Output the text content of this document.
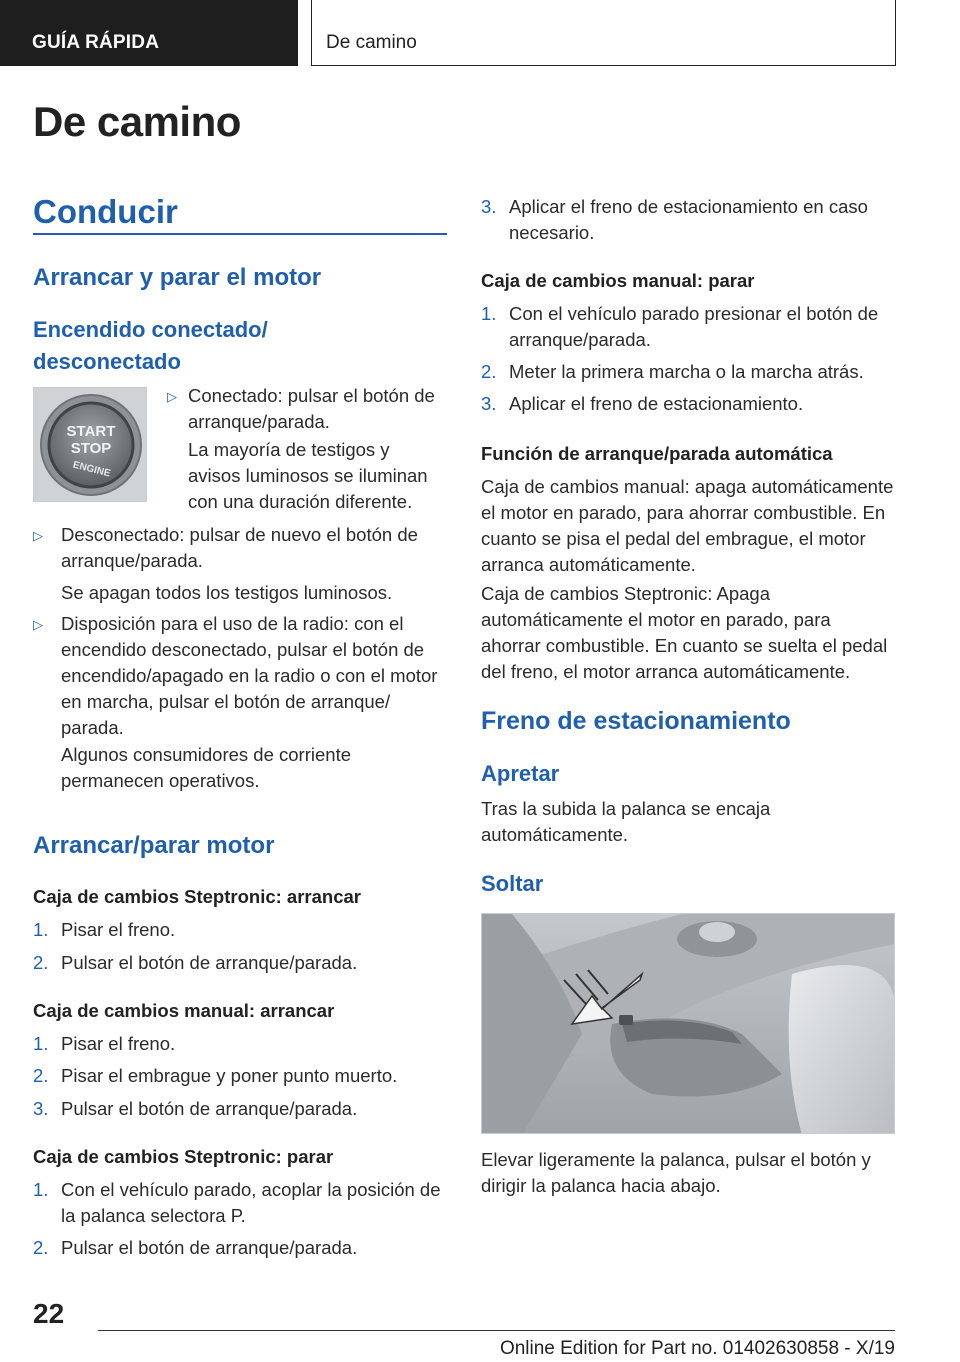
GUÍA RÁPIDA	De camino
De camino
Conducir
Arrancar y parar el motor
Encendido conectado/ desconectado
START
STOP
ENGINE
▷ Conectado: pulsar el botón de arranque/parada.
La mayoría de testigos y avisos luminosos se iluminan con una duración diferente.
▷ Desconectado: pulsar de nuevo el botón de arranque/parada.
Se apagan todos los testigos luminosos.
▷ Disposición para el uso de la radio: con el encendido desconectado, pulsar el botón de encendido/apagado en la radio o con el motor en marcha, pulsar el botón de arranque/ parada.
Algunos consumidores de corriente permanecen operativos.
Arrancar/parar motor
Caja de cambios Steptronic: arrancar
1. Pisar el freno.
2. Pulsar el botón de arranque/parada.
Caja de cambios manual: arrancar
1. Pisar el freno.
2. Pisar el embrague y poner punto muerto.
3. Pulsar el botón de arranque/parada.
Caja de cambios Steptronic: parar
1. Con el vehículo parado, acoplar la posición de la palanca selectora P.
2. Pulsar el botón de arranque/parada.
3. Aplicar el freno de estacionamiento en caso necesario.
Caja de cambios manual: parar
1. Con el vehículo parado presionar el botón de arranque/parada.
2. Meter la primera marcha o la marcha atrás.
3. Aplicar el freno de estacionamiento.
Función de arranque/parada automática
Caja de cambios manual: apaga automáticamente el motor en parado, para ahorrar combustible. En cuanto se pisa el pedal del embrague, el motor arranca automáticamente.
Caja de cambios Steptronic: Apaga automáticamente el motor en parado, para ahorrar combustible. En cuanto se suelta el pedal del freno, el motor arranca automáticamente.
Freno de estacionamiento
Apretar
Tras la subida la palanca se encaja automáticamente.
Soltar
Elevar ligeramente la palanca, pulsar el botón y dirigir la palanca hacia abajo.
22
Online Edition for Part no. 01402630858 - X/19
